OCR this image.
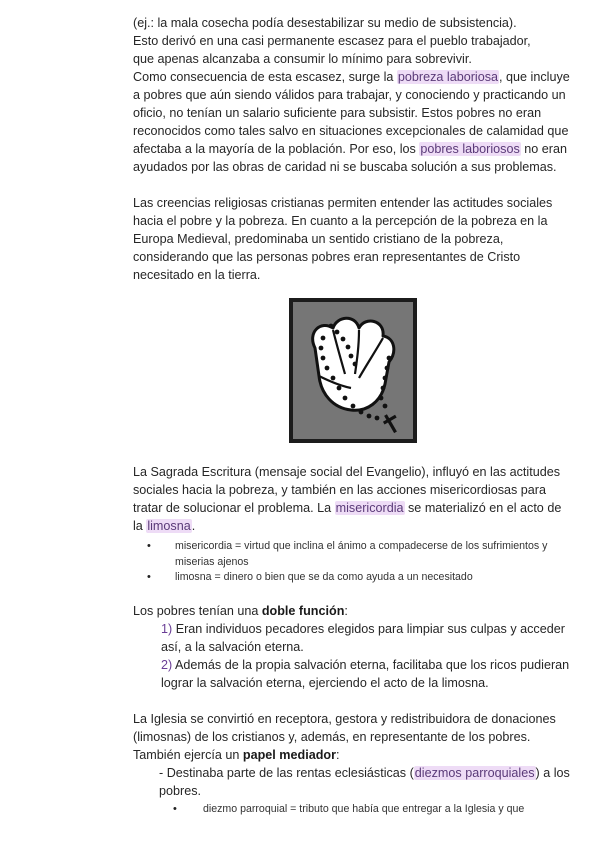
(ej.: la mala cosecha podía desestabilizar su medio de subsistencia).

Esto derivó en una casi permanente escasez para el pueblo trabajador,

que apenas alcanzaba a consumir lo mínimo para sobrevivir.

Como consecuencia de esta escasez, surge la pobreza laboriosa, que incluye a pobres que aún siendo válidos para trabajar, y conociendo y practicando un oficio, no tenían un salario suficiente para subsistir. Estos pobres no eran reconocidos como tales salvo en situaciones excepcionales de calamidad que afectaba a la mayoría de la población. Por eso, los pobres laboriosos no eran ayudados por las obras de caridad ni se buscaba solución a sus problemas.

Las creencias religiosas cristianas permiten entender las actitudes sociales hacia el pobre y la pobreza. En cuanto a la percepción de la pobreza en la Europa Medieval, predominaba un sentido cristiano de la pobreza, considerando que las personas pobres eran representantes de Cristo necesitado en la tierra.

La Sagrada Escritura (mensaje social del Evangelio), influyó en las actitudes sociales hacia la pobreza, y también en las acciones misericordiosas para tratar de solucionar el problema. La misericordia se materializó en el acto de la limosna.

• misericordia = virtud que inclina el ánimo a compadecerse de los sufrimientos y miserias ajenos
• limosna = dinero o bien que se da como ayuda a un necesitado

Los pobres tenían una doble función:

1) Eran individuos pecadores elegidos para limpiar sus culpas y acceder así, a la salvación eterna.
2) Además de la propia salvación eterna, facilitaba que los ricos pudieran lograr la salvación eterna, ejerciendo el acto de la limosna.

La Iglesia se convirtió en receptora, gestora y redistribuidora de donaciones (limosnas) de los cristianos y, además, en representante de los pobres. También ejercía un papel mediador:

- Destinaba parte de las rentas eclesiásticas (diezmos parroquiales) a los pobres.
• diezmo parroquial = tributo que había que entregar a la Iglesia y que
